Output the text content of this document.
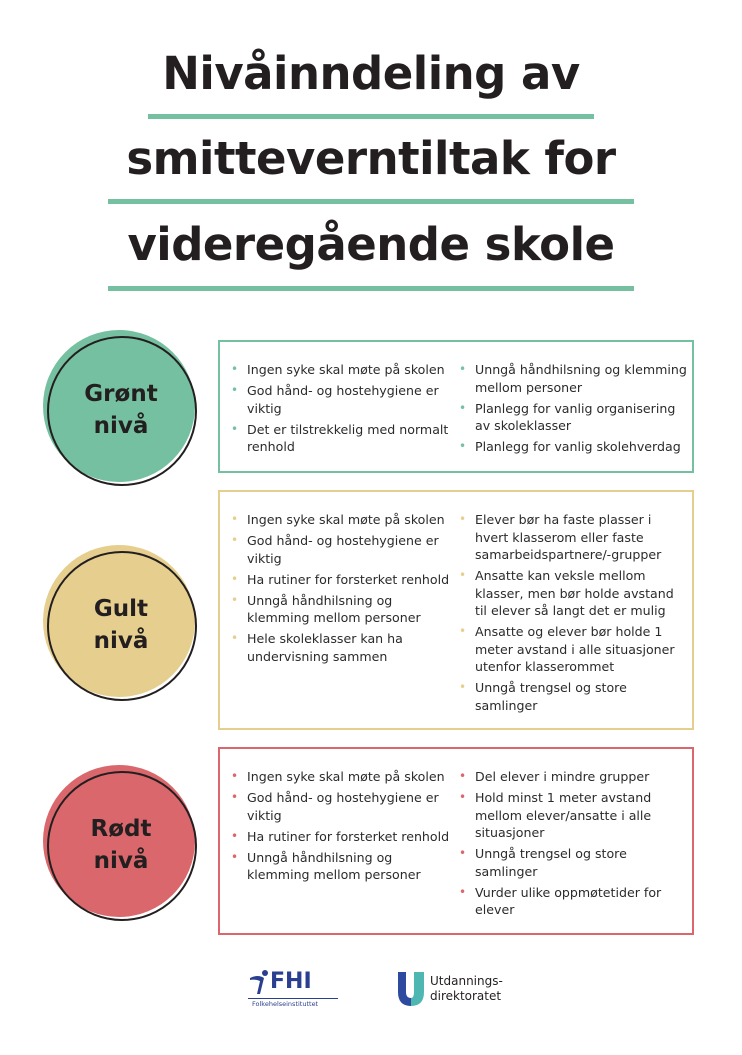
Nivåinndeling av
smitteverntiltak for
videregående skole
Grønt
nivå
• Ingen syke skal møte på skolen
• God hånd- og hostehygiene er viktig
• Det er tilstrekkelig med normalt renhold
• Unngå håndhilsning og klemming mellom personer
• Planlegg for vanlig organisering av skoleklasser
• Planlegg for vanlig skolehverdag
Gult
nivå
• Ingen syke skal møte på skolen
• God hånd- og hostehygiene er viktig
• Ha rutiner for forsterket renhold
• Unngå håndhilsning og klemming mellom personer
• Hele skoleklasser kan ha undervisning sammen
• Elever bør ha faste plasser i hvert klasserom eller faste samarbeidspartnere/-grupper
• Ansatte kan veksle mellom klasser, men bør holde avstand til elever så langt det er mulig
• Ansatte og elever bør holde 1 meter avstand i alle situasjoner utenfor klasserommet
• Unngå trengsel og store samlinger
Rødt
nivå
• Ingen syke skal møte på skolen
• God hånd- og hostehygiene er viktig
• Ha rutiner for forsterket renhold
• Unngå håndhilsning og klemming mellom personer
• Del elever i mindre grupper
• Hold minst 1 meter avstand mellom elever/ansatte i alle situasjoner
• Unngå trengsel og store samlinger
• Vurder ulike oppmøtetider for elever
FHI
Folkehelseinstituttet
Utdannings-
direktoratet
